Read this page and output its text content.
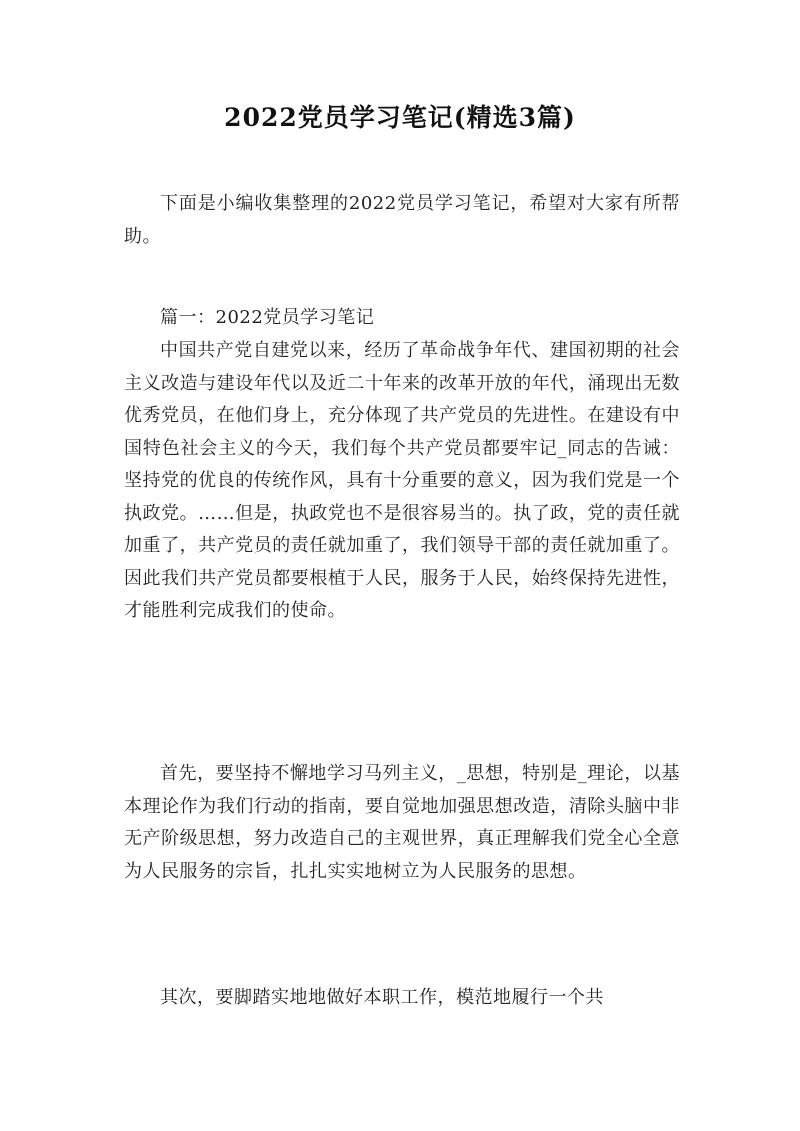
2022党员学习笔记(精选3篇)

下面是小编收集整理的2022党员学习笔记，希望对大家有所帮助。

篇一：2022党员学习笔记

中国共产党自建党以来，经历了革命战争年代、建国初期的社会主义改造与建设年代以及近二十年来的改革开放的年代，涌现出无数优秀党员，在他们身上，充分体现了共产党员的先进性。在建设有中国特色社会主义的今天，我们每个共产党员都要牢记_同志的告诫：坚持党的优良的传统作风，具有十分重要的意义，因为我们党是一个执政党。……但是，执政党也不是很容易当的。执了政，党的责任就加重了，共产党员的责任就加重了，我们领导干部的责任就加重了。因此我们共产党员都要根植于人民，服务于人民，始终保持先进性，才能胜利完成我们的使命。

首先，要坚持不懈地学习马列主义，_思想，特别是_理论，以基本理论作为我们行动的指南，要自觉地加强思想改造，清除头脑中非无产阶级思想，努力改造自己的主观世界，真正理解我们党全心全意为人民服务的宗旨，扎扎实实地树立为人民服务的思想。

其次，要脚踏实地地做好本职工作，模范地履行一个共
